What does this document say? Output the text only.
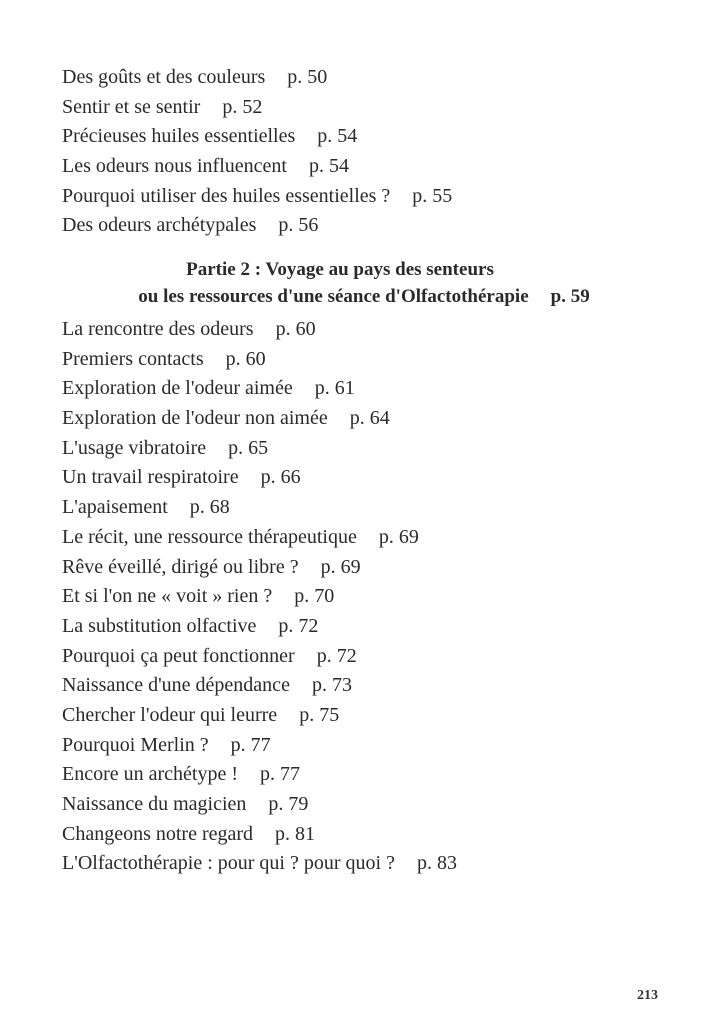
Des goûts et des couleurs p. 50
Sentir et se sentir p. 52
Précieuses huiles essentielles p. 54
Les odeurs nous influencent p. 54
Pourquoi utiliser des huiles essentielles ? p. 55
Des odeurs archétypales p. 56
Partie 2 : Voyage au pays des senteurs
ou les ressources d'une séance d'Olfactothérapie p. 59
La rencontre des odeurs p. 60
Premiers contacts p. 60
Exploration de l'odeur aimée p. 61
Exploration de l'odeur non aimée p. 64
L'usage vibratoire p. 65
Un travail respiratoire p. 66
L'apaisement p. 68
Le récit, une ressource thérapeutique p. 69
Rêve éveillé, dirigé ou libre ? p. 69
Et si l'on ne « voit » rien ? p. 70
La substitution olfactive p. 72
Pourquoi ça peut fonctionner p. 72
Naissance d'une dépendance p. 73
Chercher l'odeur qui leurre p. 75
Pourquoi Merlin ? p. 77
Encore un archétype ! p. 77
Naissance du magicien p. 79
Changeons notre regard p. 81
L'Olfactothérapie : pour qui ? pour quoi ? p. 83
213
